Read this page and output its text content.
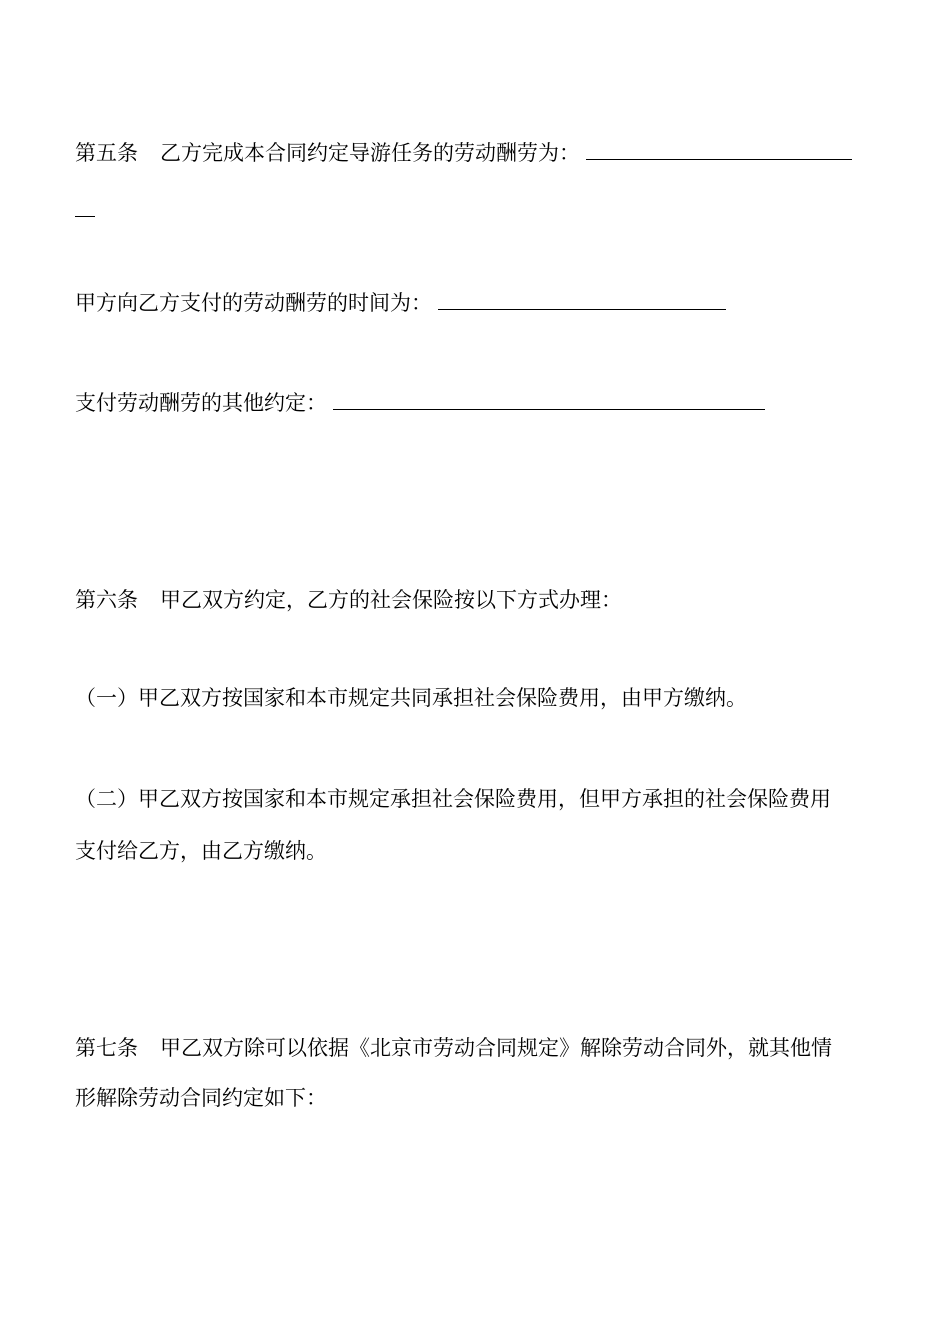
第五条 乙方完成本合同约定导游任务的劳动酬劳为：
甲方向乙方支付的劳动酬劳的时间为：
支付劳动酬劳的其他约定：
第六条 甲乙双方约定，乙方的社会保险按以下方式办理：
（一）甲乙双方按国家和本市规定共同承担社会保险费用，由甲方缴纳。
（二）甲乙双方按国家和本市规定承担社会保险费用，但甲方承担的社会保险费用
支付给乙方，由乙方缴纳。
第七条 甲乙双方除可以依据《北京市劳动合同规定》解除劳动合同外，就其他情
形解除劳动合同约定如下：
